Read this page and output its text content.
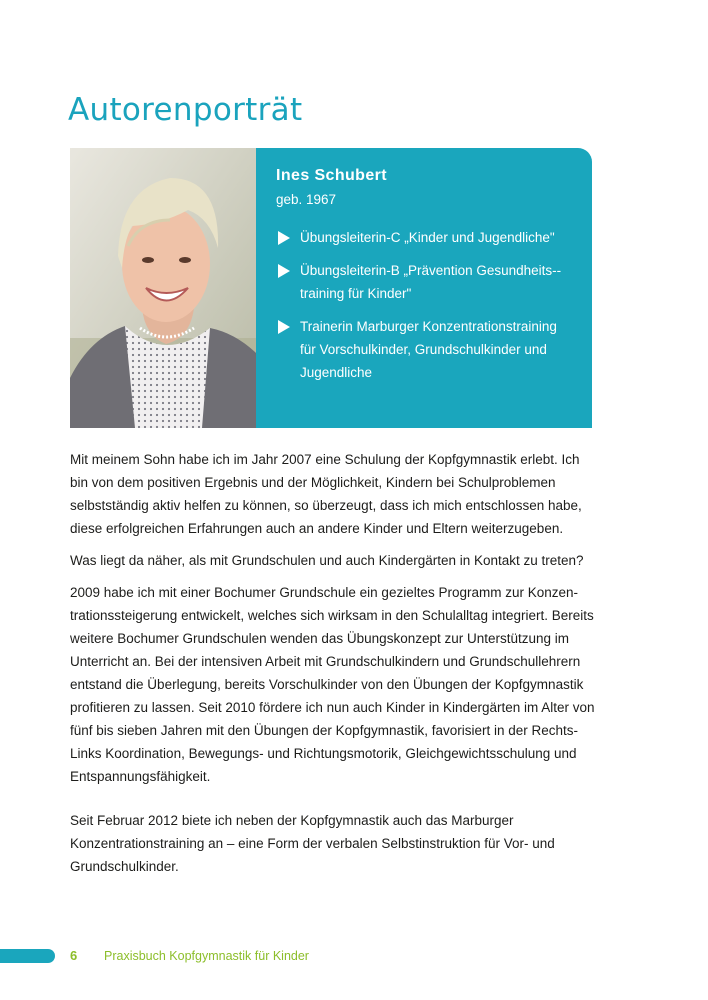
Autorenporträt
Ines Schubert

geb. 1967

Übungsleiterin-C „Kinder und Jugendliche"
Übungsleiterin-B „Prävention Gesundheits-training für Kinder"
Trainerin Marburger Konzentrationstraining für Vorschulkinder, Grundschulkinder und Jugendliche

Mit meinem Sohn habe ich im Jahr 2007 eine Schulung der Kopfgymnastik erlebt. Ich bin von dem positiven Ergebnis und der Möglichkeit, Kindern bei Schulproblemen selbstständig aktiv helfen zu können, so überzeugt, dass ich mich entschlossen habe, diese erfolgreichen Erfahrungen auch an andere Kinder und Eltern weiterzugeben.

Was liegt da näher, als mit Grundschulen und auch Kindergärten in Kontakt zu treten?

2009 habe ich mit einer Bochumer Grundschule ein gezieltes Programm zur Konzentrationssteigerung entwickelt, welches sich wirksam in den Schulalltag integriert. Bereits weitere Bochumer Grundschulen wenden das Übungskonzept zur Unterstützung im Unterricht an. Bei der intensiven Arbeit mit Grundschulkindern und Grundschullehrern entstand die Überlegung, bereits Vorschulkinder von den Übungen der Kopfgymnastik profitieren zu lassen. Seit 2010 fördere ich nun auch Kinder in Kindergärten im Alter von fünf bis sieben Jahren mit den Übungen der Kopfgymnastik, favorisiert in der Rechts-Links Koordination, Bewegungs- und Richtungsmotorik, Gleichgewichtsschulung und Entspannungsfähigkeit.

Seit Februar 2012 biete ich neben der Kopfgymnastik auch das Marburger Konzentrationstraining an – eine Form der verbalen Selbstinstruktion für Vor- und Grundschulkinder.

6 Praxisbuch Kopfgymnastik für Kinder
